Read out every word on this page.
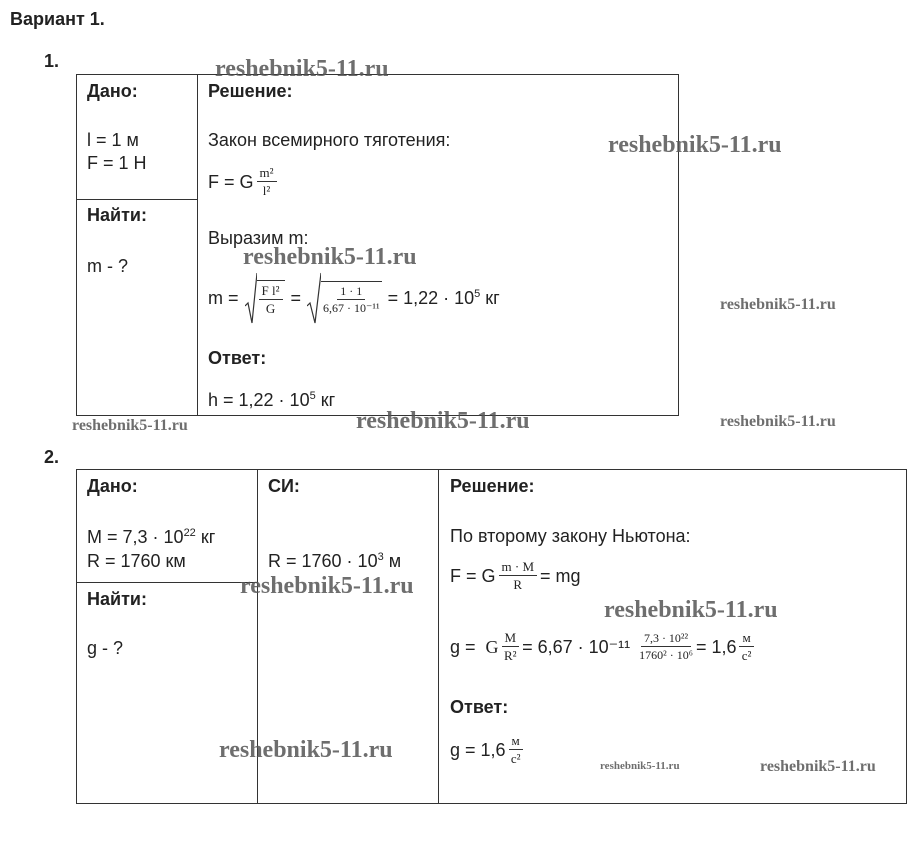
Вариант 1.
1.
Дано:
l = 1 м
F = 1 Н
Найти:
m - ?
Решение:
Закон всемирного тяготения:
F = G $\frac{\text{m²}}{\text{l²}}$
Выразим m:
$m = \frac{\text{F l²}}{G} = \frac{1 \cdot 1}{\text{6,67 · 10⁻¹¹}} = 1,22 \cdot 10^5$ кг
Ответ:
$h = 1,22 \cdot 10^5$ кг
2.
Дано:
$M = 7,3 \cdot 10^{22}$ кг
R = 1760 км
Найти:
g - ?
СИ:
$R = 1760 \cdot 10^3$ м
Решение:
По второму закону Ньютона:
F = G $\frac{m \cdot M}{R}$ = mg
g = G $\frac{M}{\text{R²}} = 6,67 \cdot 10^{-11} \frac{\text{7,3 · 10²²}}{\text{1760² · 10⁶}} = 1,6 \frac{м}{\text{с²}}$
Ответ:
$g = 1,6 \frac{м}{\text{с²}}$
reshebnik5-11.ru
reshebnik5-11.ru
reshebnik5-11.ru
reshebnik5-11.ru
reshebnik5-11.ru	reshebnik5-11.ru	reshebnik5-11.ru
reshebnik5-11.ru
reshebnik5-11.ru
reshebnik5-11.ru
reshebnik5-11.ru	reshebnik5-11.ru
